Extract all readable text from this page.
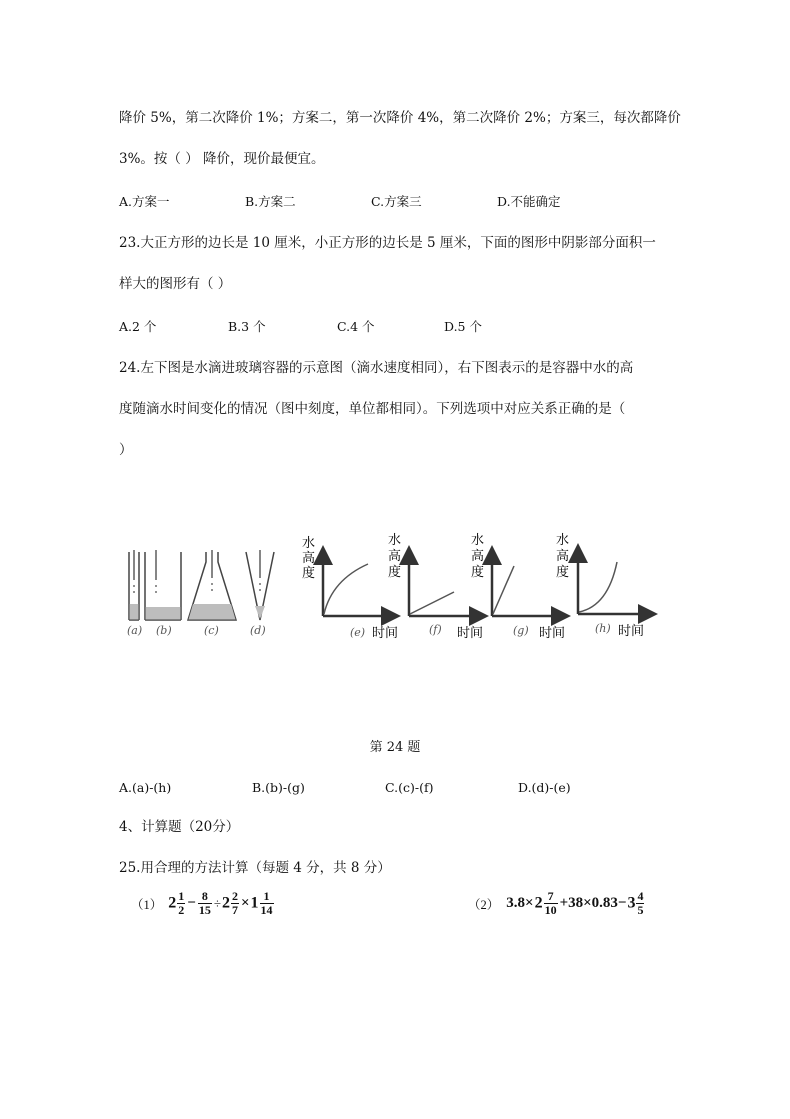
降价 5%，第二次降价 1%；方案二，第一次降价 4%，第二次降价 2%；方案三，每次都降价
3%。按（ ） 降价，现价最便宜。
A.方案一	B.方案二	C.方案三	D.不能确定
23.大正方形的边长是 10 厘米，小正方形的边长是 5 厘米，下面的图形中阴影部分面积一
样大的图形有（ ）
A.2 个	B.3 个	C.4 个	D.5 个
24.左下图是水滴进玻璃容器的示意图（滴水速度相同），右下图表示的是容器中水的高
度随滴水时间变化的情况（图中刻度，单位都相同）。下列选项中对应关系正确的是（
）
(a) (b)	(c)	(d)
水
高
度
(e) 时间
水
高
度
(f) 时间
水
高
度
(g) 时间
水
高
度
(h) 时间
第 24 题
A.(a)-(h)	B.(b)-(g)	C.(c)-(f)	D.(d)-(e)
4、计算题（20分）
25.用合理的方法计算（每题 4 分，共 8 分）
（1） $2 \frac{1}{2} - \frac{8}{15} \div 2 \frac{2}{7} \times 1 \frac{1}{14}$	（2） $3.8\times 2 \frac{7}{10} +38\times 0.83-3 \frac{4}{5}$
